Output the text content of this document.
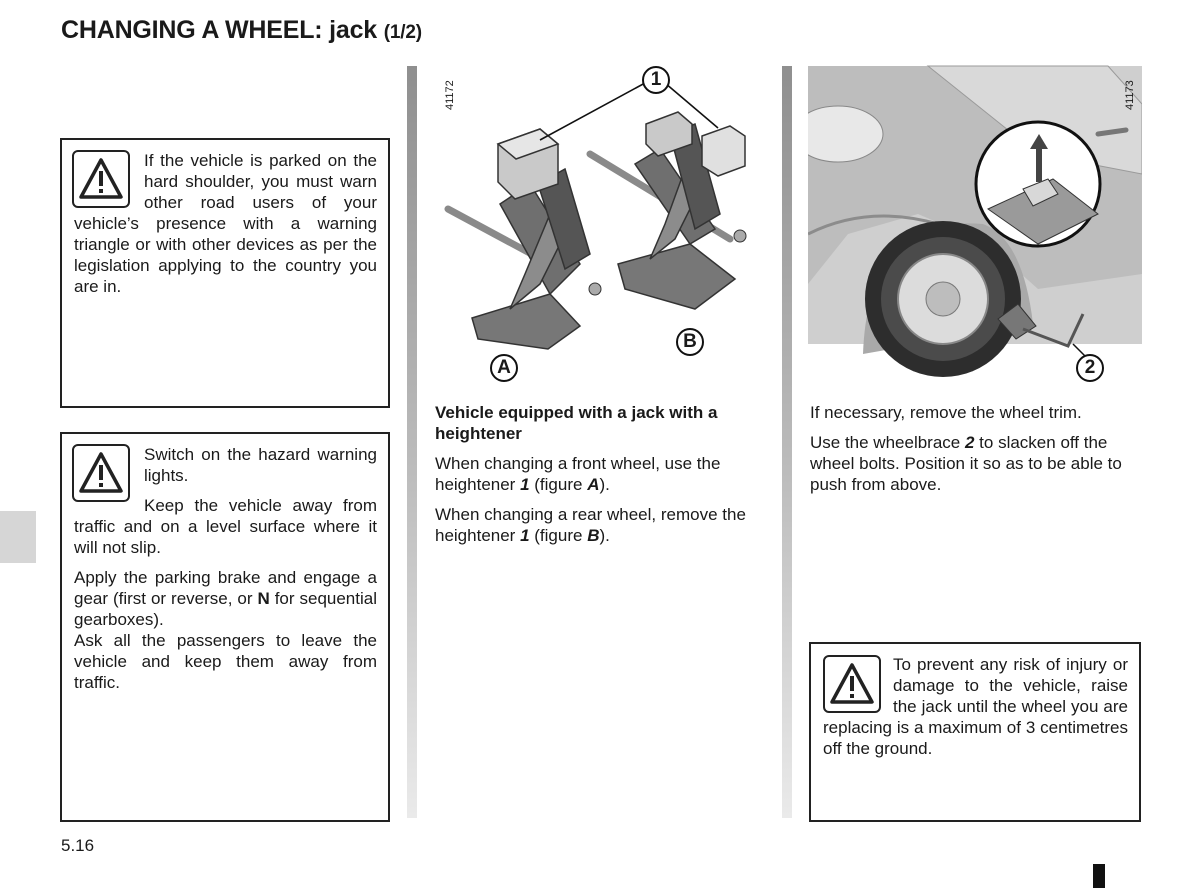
CHANGING A WHEEL: jack (1/2)

If the vehicle is parked on the hard shoulder, you must warn other road users of your vehicle’s presence with a warning triangle or with other devices as per the legislation applying to the country you are in.

Switch on the hazard warning lights.

Keep the vehicle away from traffic and on a level surface where it will not slip.

Apply the parking brake and engage a gear (first or reverse, or N for sequential gearboxes).

Ask all the passengers to leave the vehicle and keep them away from traffic.

41172
1
A
B
41173
2

Vehicle equipped with a jack with a heightener

When changing a front wheel, use the heightener 1 (figure A).

When changing a rear wheel, remove the heightener 1 (figure B).

If necessary, remove the wheel trim.

Use the wheelbrace 2 to slacken off the wheel bolts. Position it so as to be able to push from above.

To prevent any risk of injury or damage to the vehicle, raise the jack until the wheel you are replacing is a maximum of 3 centimetres off the ground.

5.16
